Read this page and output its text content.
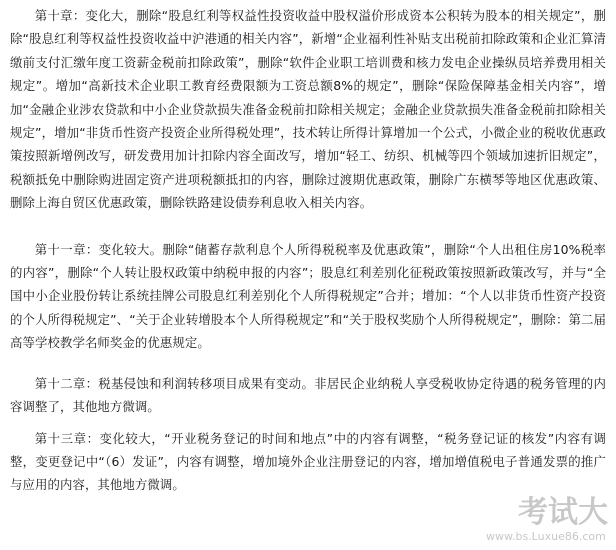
第十章：变化大，删除“股息红利等权益性投资收益中股权溢价形成资本公积转为股本的相关规定”，删除“股息红利等权益性投资收益中沪港通的相关内容”，新增“企业福利性补贴支出税前扣除政策和企业汇算清缴前支付汇缴年度工资薪金税前扣除政策”，删除“软件企业职工培训费和核力发电企业操纵员培养费用相关规定”。增加“高新技术企业职工教育经费限额为工资总额8%的规定”，删除“保险保障基金相关内容”，增加“金融企业涉农贷款和中小企业贷款损失准备金税前扣除相关规定；金融企业贷款损失准备金税前扣除相关规定”，增加“非货币性资产投资企业所得税处理”，技术转让所得计算增加一个公式，小微企业的税收优惠政策按照新增例改写，研发费用加计扣除内容全面改写，增加“轻工、纺织、机械等四个领域加速折旧规定”，税额抵免中删除购进固定资产进项税额抵扣的内容，删除过渡期优惠政策，删除广东横琴等地区优惠政策、删除上海自贸区优惠政策，删除铁路建设债券利息收入相关内容。

第十一章：变化较大。删除“储蓄存款利息个人所得税税率及优惠政策”，删除“个人出租住房10%税率的内容”，删除“个人转让股权政策中纳税申报的内容”；股息红利差别化征税政策按照新政策改写，并与“全国中小企业股份转让系统挂牌公司股息红利差别化个人所得税规定”合并；增加：“个人以非货币性资产投资的个人所得税规定”、“关于企业转增股本个人所得税规定”和“关于股权奖励个人所得税规定”，删除：第二届高等学校教学名师奖金的优惠规定。

第十二章：税基侵蚀和利润转移项目成果有变动。非居民企业纳税人享受税收协定待遇的税务管理的内容调整了，其他地方微调。

第十三章：变化较大，“开业税务登记的时间和地点”中的内容有调整，“税务登记证的核发”内容有调整，变更登记中“（6）发证”，内容有调整，增加境外企业注册登记的内容，增加增值税电子普通发票的推广与应用的内容，其他地方微调。

考试大
www.bs.Luxue86.com
